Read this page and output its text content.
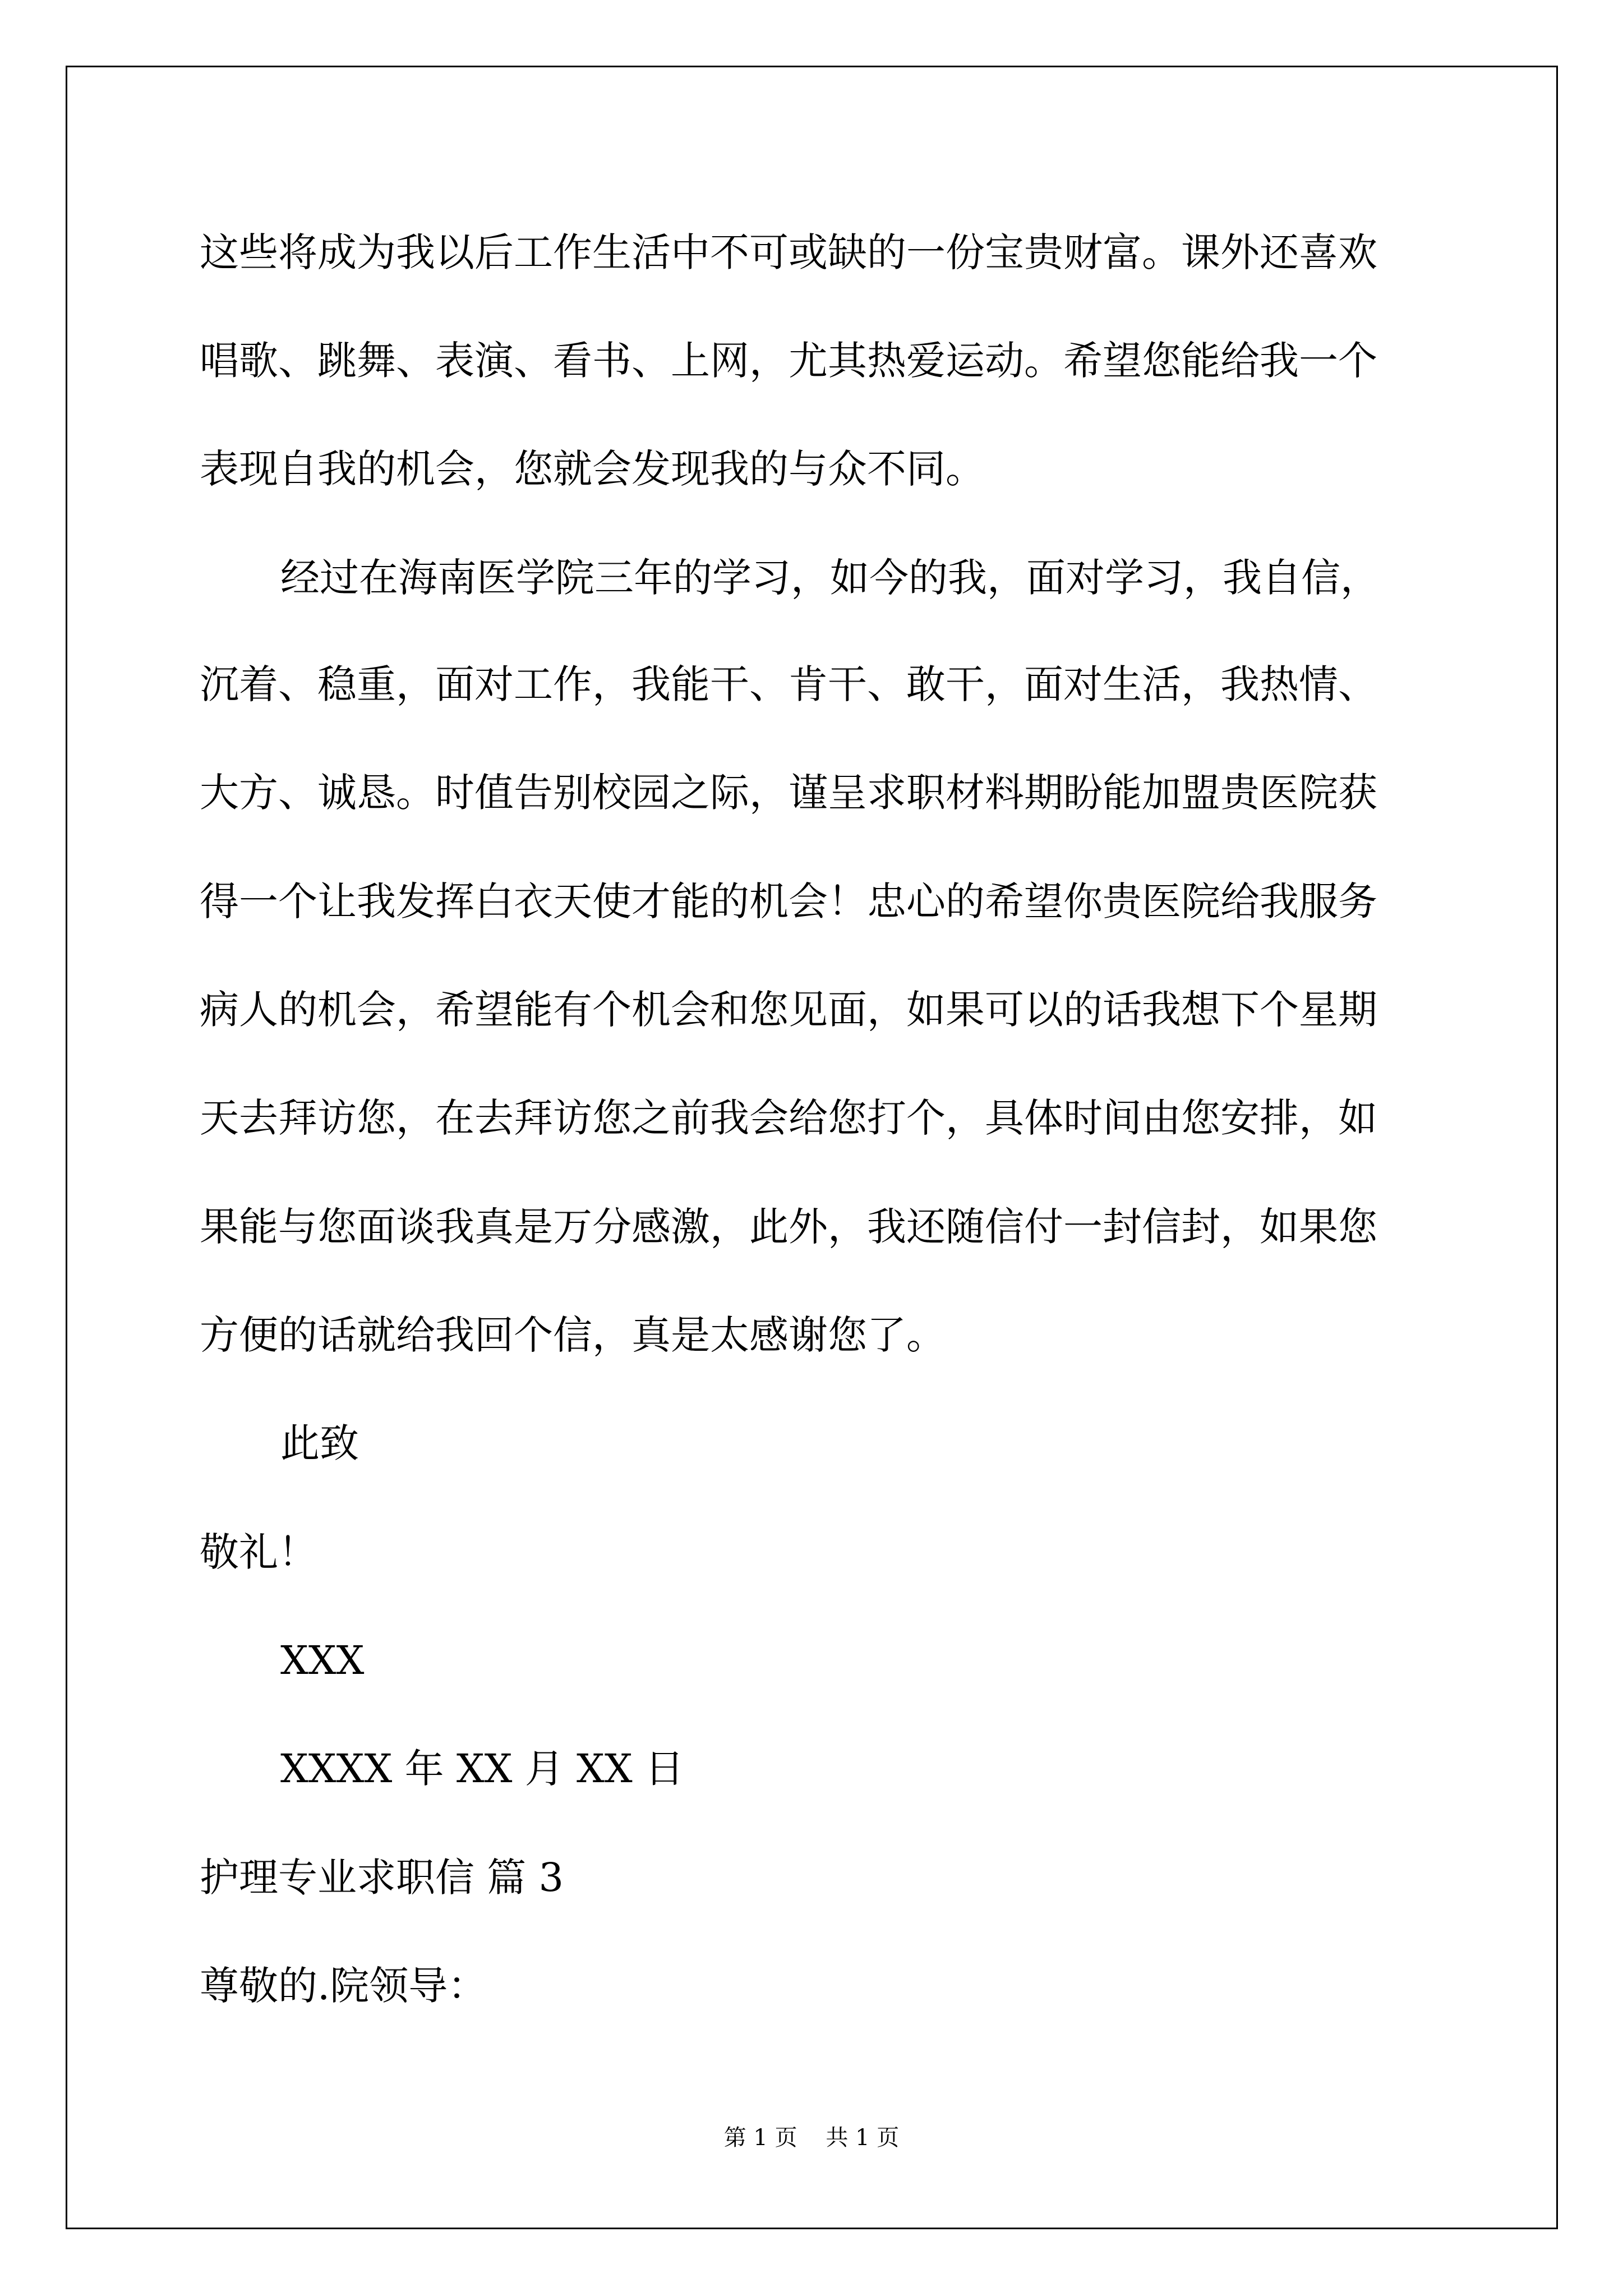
这些将成为我以后工作生活中不可或缺的一份宝贵财富。课外还喜欢
唱歌、跳舞、表演、看书、上网，尤其热爱运动。希望您能给我一个
表现自我的机会，您就会发现我的与众不同。
经过在海南医学院三年的学习，如今的我，面对学习，我自信，
沉着、稳重，面对工作，我能干、肯干、敢干，面对生活，我热情、
大方、诚恳。时值告别校园之际，谨呈求职材料期盼能加盟贵医院获
得一个让我发挥白衣天使才能的机会！忠心的希望你贵医院给我服务
病人的机会，希望能有个机会和您见面，如果可以的话我想下个星期
天去拜访您，在去拜访您之前我会给您打个，具体时间由您安排，如
果能与您面谈我真是万分感激，此外，我还随信付一封信封，如果您
方便的话就给我回个信，真是太感谢您了。
此致
敬礼！
XXX
XXXX 年 XX 月 XX 日
护理专业求职信 篇 3
尊敬的.院领导：
第 1 页    共 1 页
